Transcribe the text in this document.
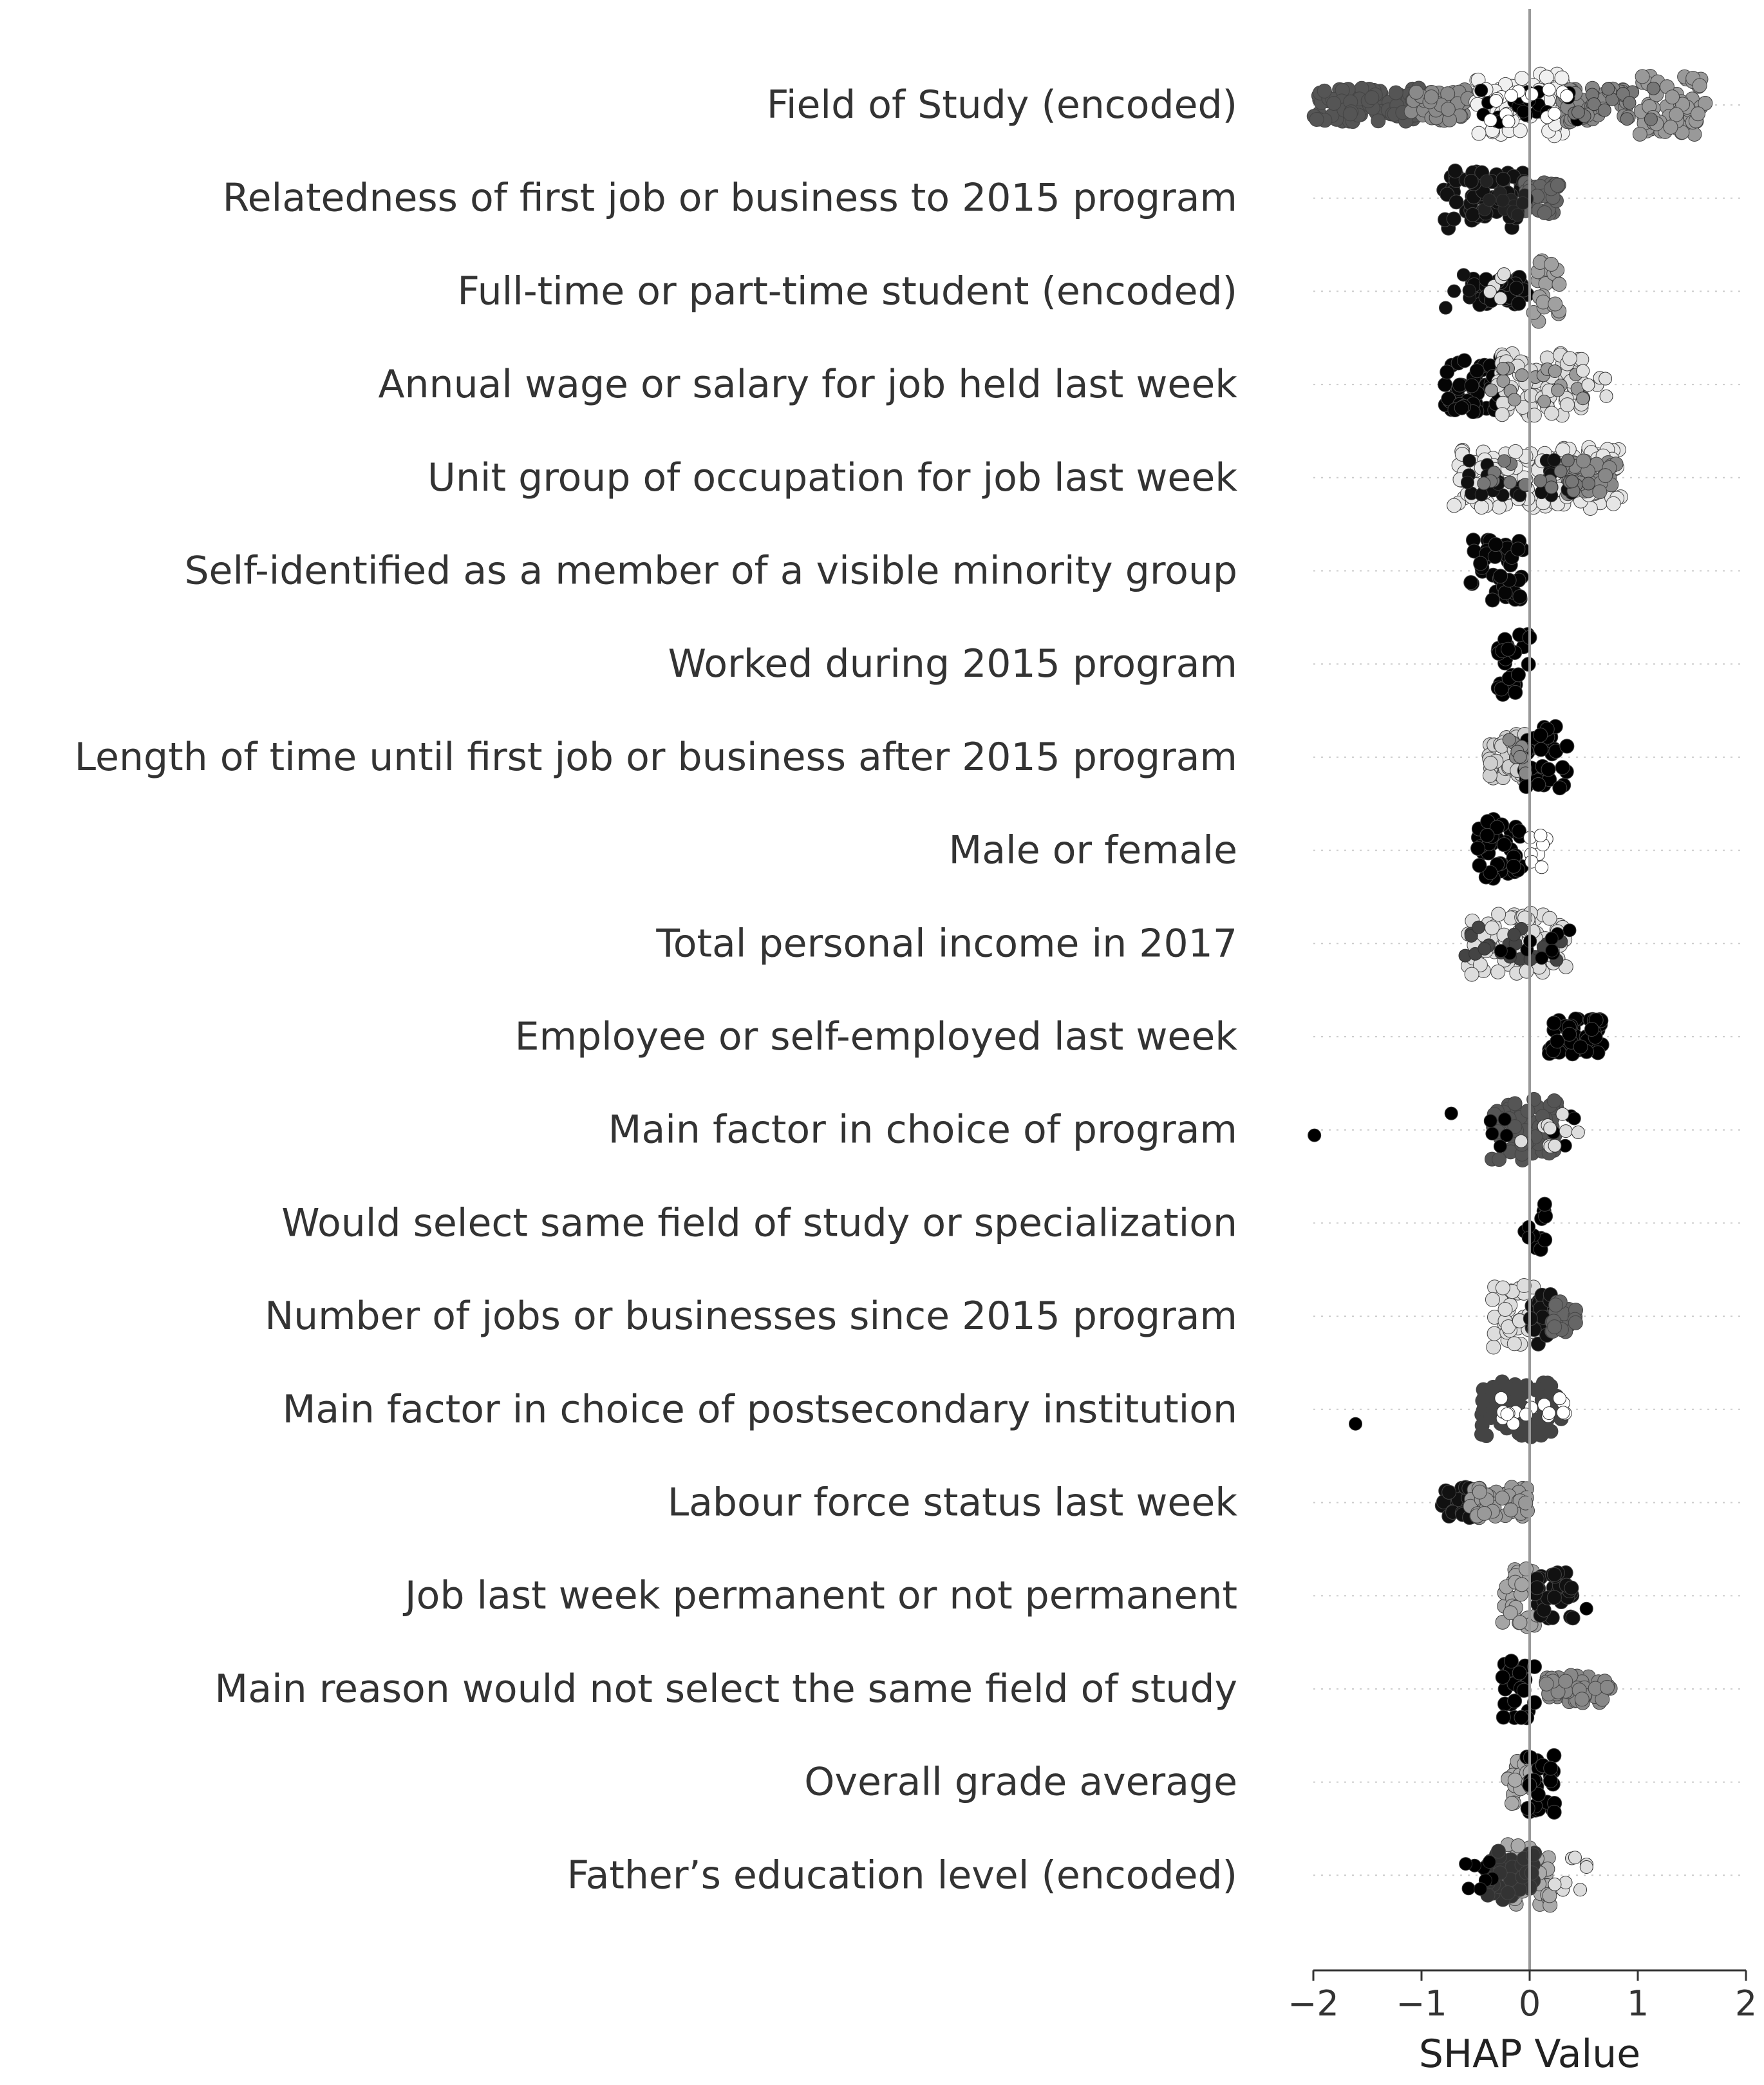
Field of Study (encoded)
Relatedness of first job or business to 2015 program
Full-time or part-time student (encoded)
Annual wage or salary for job held last week
Unit group of occupation for job last week
Self-identified as a member of a visible minority group
Worked during 2015 program
Length of time until first job or business after 2015 program
Male or female
Total personal income in 2017
Employee or self-employed last week
Main factor in choice of program
Would select same field of study or specialization
Number of jobs or businesses since 2015 program
Main factor in choice of postsecondary institution
Labour force status last week
Job last week permanent or not permanent
Main reason would not select the same field of study
Overall grade average
Father’s education level (encoded)
−2 −1 0 1 2
SHAP Value
